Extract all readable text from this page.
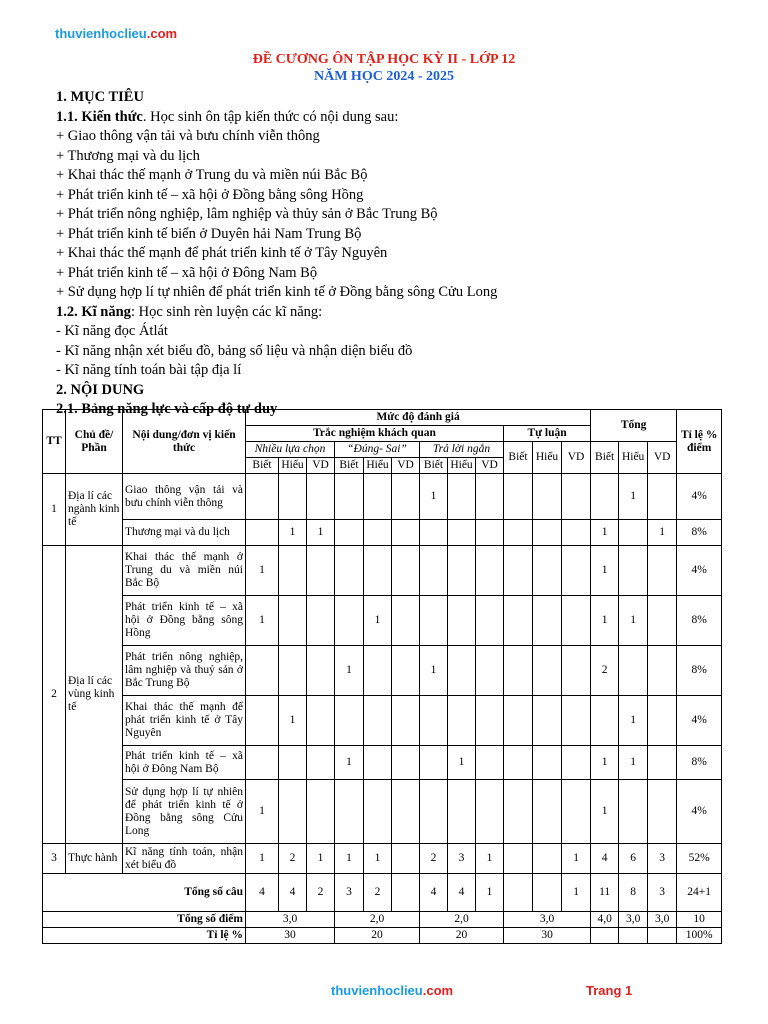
thuvienhoclieu.com
ĐỀ CƯƠNG ÔN TẬP HỌC KỲ II - LỚP 12
NĂM HỌC 2024 - 2025
1. MỤC TIÊU
1.1. Kiến thức. Học sinh ôn tập kiến thức có nội dung sau:
+ Giao thông vận tải và bưu chính viễn thông
+ Thương mại và du lịch
+ Khai thác thế mạnh ở Trung du và miền núi Bắc Bộ
+ Phát triển kinh tế – xã hội ở Đồng bằng sông Hồng
+ Phát triển nông nghiệp, lâm nghiệp và thủy sản ở Bắc Trung Bộ
+ Phát triển kinh tế biển ở Duyên hải Nam Trung Bộ
+ Khai thác thế mạnh để phát triển kinh tế ở Tây Nguyên
+ Phát triển kinh tế – xã hội ở Đông Nam Bộ
+ Sử dụng hợp lí tự nhiên để phát triển kinh tế ở Đồng bằng sông Cửu Long
1.2. Kĩ năng: Học sinh rèn luyện các kĩ năng:
- Kĩ năng đọc Átlát
- Kĩ năng nhận xét biểu đồ, bảng số liệu và nhận diện biểu đồ
- Kĩ năng tính toán bài tập địa lí
2. NỘI DUNG
2.1. Bảng năng lực và cấp độ tư duy
TT	Chủ đề/ Phần	Nội dung/đơn vị kiến thức	Mức độ đánh giá												Tổng			Tỉ lệ % điểm
			Trắc nghiệm khách quan									Tự luận						
			Nhiều lựa chọn			“Đúng- Sai”			Trả lời ngắn			Biết	Hiểu	VD	Biết	Hiểu	VD	
			Biết	Hiểu	VD	Biết	Hiểu	VD	Biết	Hiểu	VD							
1	Địa lí các ngành kinh tế	Giao thông vận tải và bưu chính viễn thông							1							1		4%
		Thương mại và du lịch		1	1										1		1	8%
2	Địa lí các vùng kinh tế	Khai thác thế mạnh ở Trung du và miền núi Bắc Bộ	1												1			4%
		Phát triển kinh tế – xã hội ở Đồng bằng sông Hồng	1				1								1	1		8%
		Phát triển nông nghiệp, lâm nghiệp và thuỷ sản ở Bắc Trung Bộ				1			1						2			8%
		Khai thác thế mạnh để phát triển kinh tế ở Tây Nguyên		1												1		4%
		Phát triển kinh tế – xã hội ở Đông Nam Bộ				1				1					1	1		8%
		Sử dụng hợp lí tự nhiên để phát triển kinh tế ở Đồng bằng sông Cửu Long	1												1			4%
3	Thực hành	Kĩ năng tính toán, nhận xét biểu đồ	1	2	1	1	1		2	3	1			1	4	6	3	52%
Tổng số câu			4	4	2	3	2		4	4	1			1	11	8	3	24+1
Tổng số điểm			3,0			2,0			2,0			3,0			4,0	3,0	3,0	10
Tỉ lệ %			30			20			20			30						100%
thuvienhoclieu.com	Trang 1
